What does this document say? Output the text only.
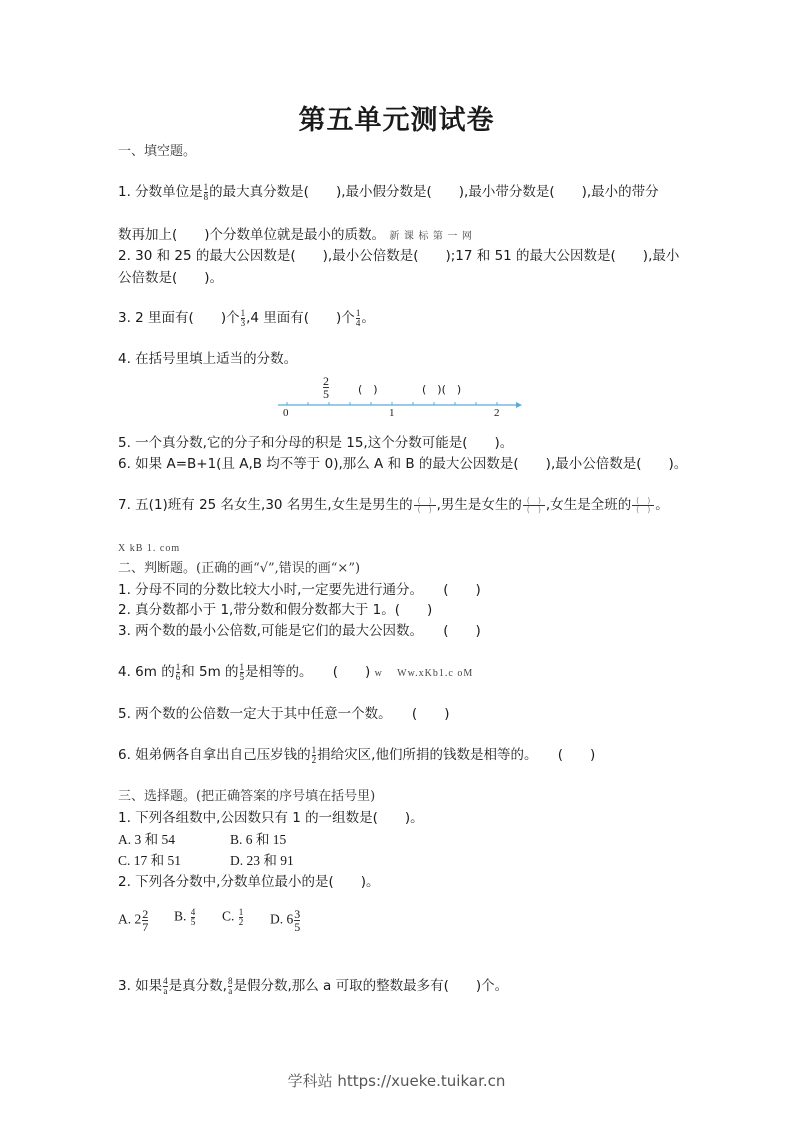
第五单元测试卷
一、填空题。
1. 分数单位是 $\frac{1}{8}$ 的最大真分数是(　　),最小假分数是(　　),最小带分数是(　　),最小的带分
数再加上(　　)个分数单位就是最小的质数。 新 课 标 第 一 网
2. 30 和 25 的最大公因数是(　　),最小公倍数是(　　);17 和 51 的最大公因数是(　　),最小
公倍数是(　　)。
3. 2 里面有(　　)个 $\frac{1}{3} ,4$ 里面有(　　)个 $\frac{1}{4}$ 。
4. 在括号里填上适当的分数。
0	1	2
2
5	(　)	(　)(　)
5. 一个真分数,它的分子和分母的积是 15,这个分数可能是(　　)。
6. 如果 A=B+1(且 A,B 均不等于 0),那么 A 和 B 的最大公因数是(　　),最小公倍数是(　　)。
7. 五(1)班有 25 名女生,30 名男生,女生是男生的 (　)
(　) ,男生是女生的 (　)
(　) ,女生是全班的 (　)
(　) 。
X kB 1. com
二、判断题。(正确的画“√”,错误的画“×”)
1. 分母不同的分数比较大小时,一定要先进行通分。　　(　　)
2. 真分数都小于 1,带分数和假分数都大于 1。(　　)
3. 两个数的最小公倍数,可能是它们的最大公因数。　　(　　)
4. 6m 的 $\frac{1}{6}$ 和 5m 的 $\frac{1}{5}$ 是相等的。　　(　　) w　 Ww.xKb1.c oM
5. 两个数的公倍数一定大于其中任意一个数。　　(　　)
6. 姐弟俩各自拿出自己压岁钱的 $\frac{1}{2}$ 捐给灾区,他们所捐的钱数是相等的。　　(　　)
三、选择题。(把正确答案的序号填在括号里)
1. 下列各组数中,公因数只有 1 的一组数是(　　)。
A. 3 和 54	B. 6 和 15
C. 17 和 51	D. 23 和 91
2. 下列各分数中,分数单位最小的是(　　)。
A. $2 \frac{2}{7} B$. $\frac{4}{5} C$. $\frac{1}{2} D$. $6 \frac{3}{5}$
3. 如果 $\frac{4}{a}$ 是真分数, $\frac{8}{a}$ 是假分数,那么 a 可取的整数最多有(　　)个。
学科站 https://xueke.tuikar.cn
